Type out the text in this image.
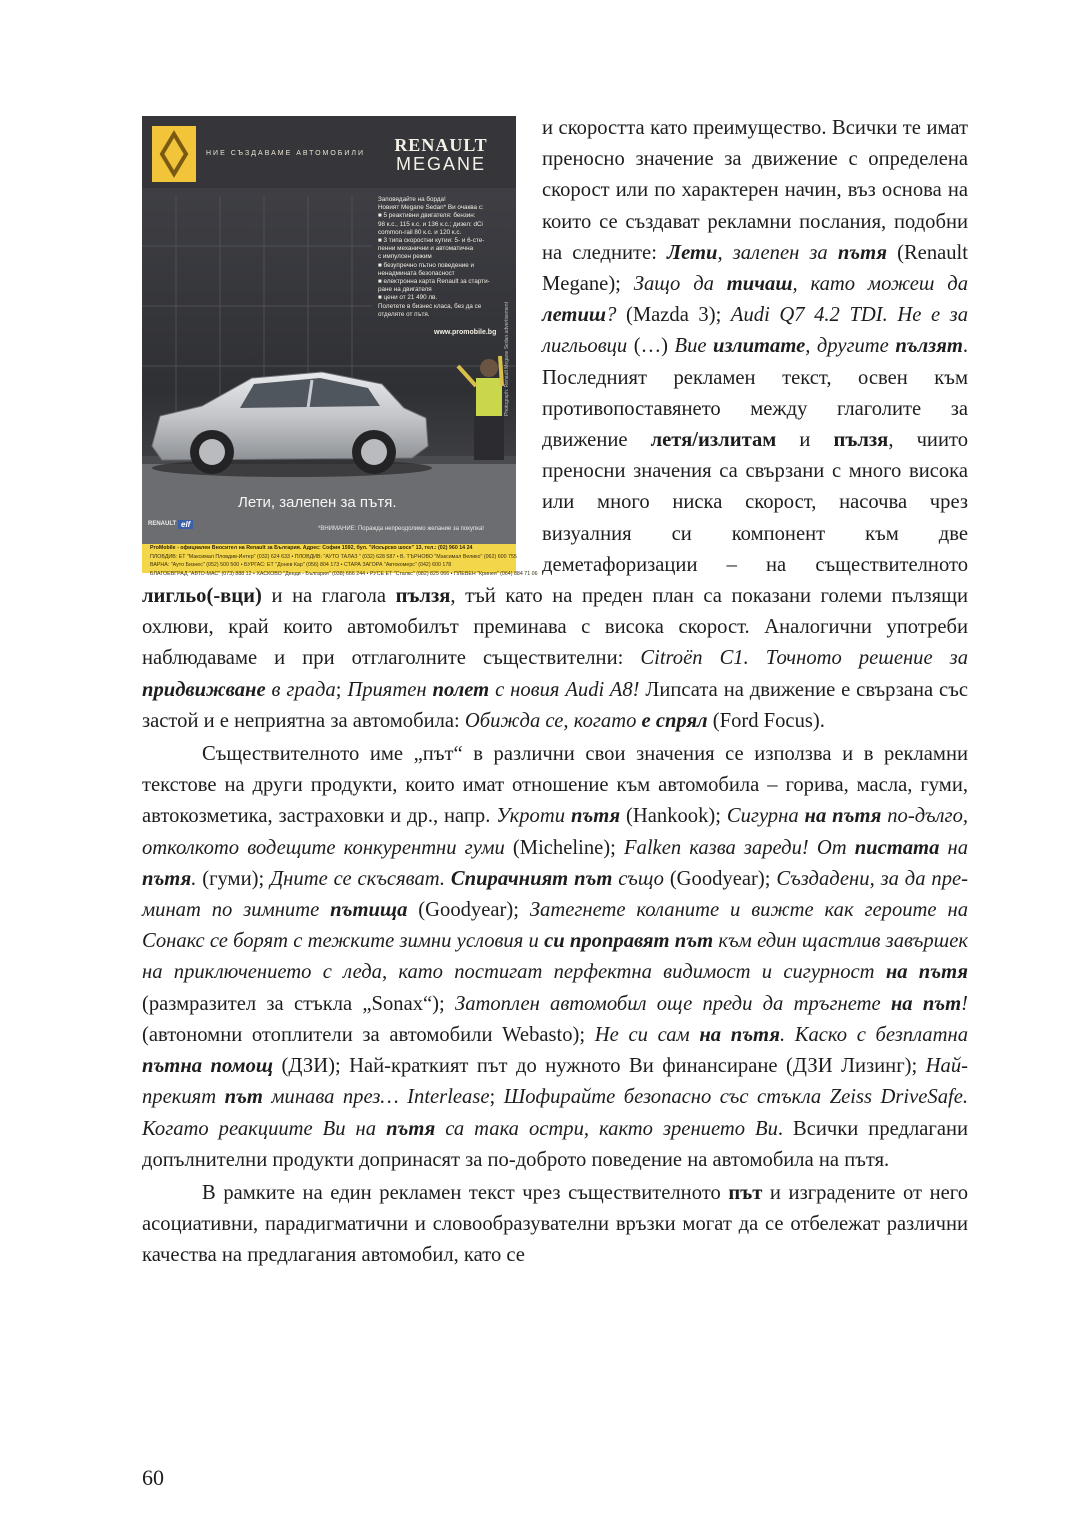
НИЕ СЪЗДАВАМЕ АВТОМОБИЛИ	RENAULT
MEGANE
Заповядайте на борда!
Новият Megane Sedan* Ви очаква с:
■ 5 реактивни двигателя: бензин:
98 к.с., 115 к.с. и 136 к.с.; дизел: dCi
common-rail 80 к.с. и 120 к.с.
■ 3 типа скоростни кутии: 5- и 6-сте-
пенни механични и автоматична
с импулсен режим
■ безупречно пътно поведение и
ненадмината безопасност
■ електронна карта Renault за старти-
ране на двигателя
■ цени от 21 490 лв.
Полетете в бизнес класа, без да се
отделяте от пътя.
www.promobile.bg Photograph: Renault Megane Sedan advertisement
Лети, залепен за пътя.
RENAULT elf	*ВНИМАНИЕ: Поражда непреодолимо желание за покупка!
ProMobile - официален Вносител на Renault за България. Адрес: София 1592, бул. "Искърско шосе" 13, тел.: (02) 960 14 24
ПЛОВДИВ: ЕТ "Максимал Пловдив-Интер" (032) 624 633 • ПЛОВДИВ: "АУТО ТАЛАЗ " (032) 628 587 • В. ТЪРНОВО "Максимал Велико" (062) 600 755
ВАРНА: "Ауто Бизнес" (052) 500 500 • БУРГАС: ЕТ "Донев Кар" (056) 804 173 • СТАРА ЗАГОРА "Автокомерс" (042) 600 178
БЛАГОЕВГРАД "АВТО-МАС" (073) 888 12 • ХАСКОВО "Денди - България" (038) 666 244 • РУСЕ ЕТ "Сталкс" (082) 825 066 • ПЛЕВЕН "Кринея" (064) 884 71 06

и скоростта като преимущество. Всички те имат преносно значение за движение с определена скорост или по характерен начин, въз основа на които се създават рекламни послания, подобни на следните: Лети, залепен за пътя (Renault Megane); Защо да тичаш, като можеш да летиш? (Mazda 3); Audi Q7 4.2 TDI. Не е за лигльовци (…) Вие излитате, другите пълзят. Последният рекламен текст, освен към противопоставянето между глаголите за движение летя/излитам и пълзя, чиито преносни значения са свързани с много висока или много ниска скорост, насочва чрез визуалния си компонент към две деметафоризации – на съществителното лигльо(-вци) и на глагола пълзя, тъй като на преден план са показани големи пълзящи охлюви, край които автомобилът преминава с висока скорост. Аналогични употреби наблюдаваме и при отглаголните съществителни: Citroën C1. Точното решение за придвижване в града; Приятен полет с новия Audi A8! Липсата на движение е свързана със застой и е неприятна за автомобила: Обижда се, когато е спрял (Ford Focus).

Съществителното име „път“ в различни свои значения се използва и в рекламни текстове на други продукти, които имат отношение към автомобила – горива, масла, гуми, автокозметика, застраховки и др., напр. Укроти пътя (Hankook); Сигурна на пътя по-дълго, отколкото водещите конкурентни гуми (Micheline); Falken казва зареди! От пистата на пътя. (гуми); Дните се скъсяват. Спирачният път също (Goodyear); Създадени, за да преминат по зимните пътища (Goodyear); Затегнете коланите и вижте как героите на Сонакс се борят с тежките зимни условия и си проправят път към един щастлив завършек на приключението с леда, като постигат перфектна видимост и сигурност на пътя (размразител за стъкла „Sonax“); Затоплен автомобил още преди да тръгнете на път! (автономни отоплители за автомобили Webasto); Не си сам на пътя. Каско с безплатна пътна помощ (ДЗИ); Най-краткият път до нужното Ви финансиране (ДЗИ Лизинг); Най-прекият път минава през… Interlease; Шофирайте безопасно със стъкла Zeiss DriveSafe. Когато реакциите Ви на пътя са така остри, както зрението Ви. Всички предлагани допълнителни продукти допринасят за по-доброто поведение на автомобила на пътя.

В рамките на един рекламен текст чрез съществителното път и изградените от него асоциативни, парадигматични и словообразувателни връзки могат да се отбележат различни качества на предлагания автомобил, като се

60
